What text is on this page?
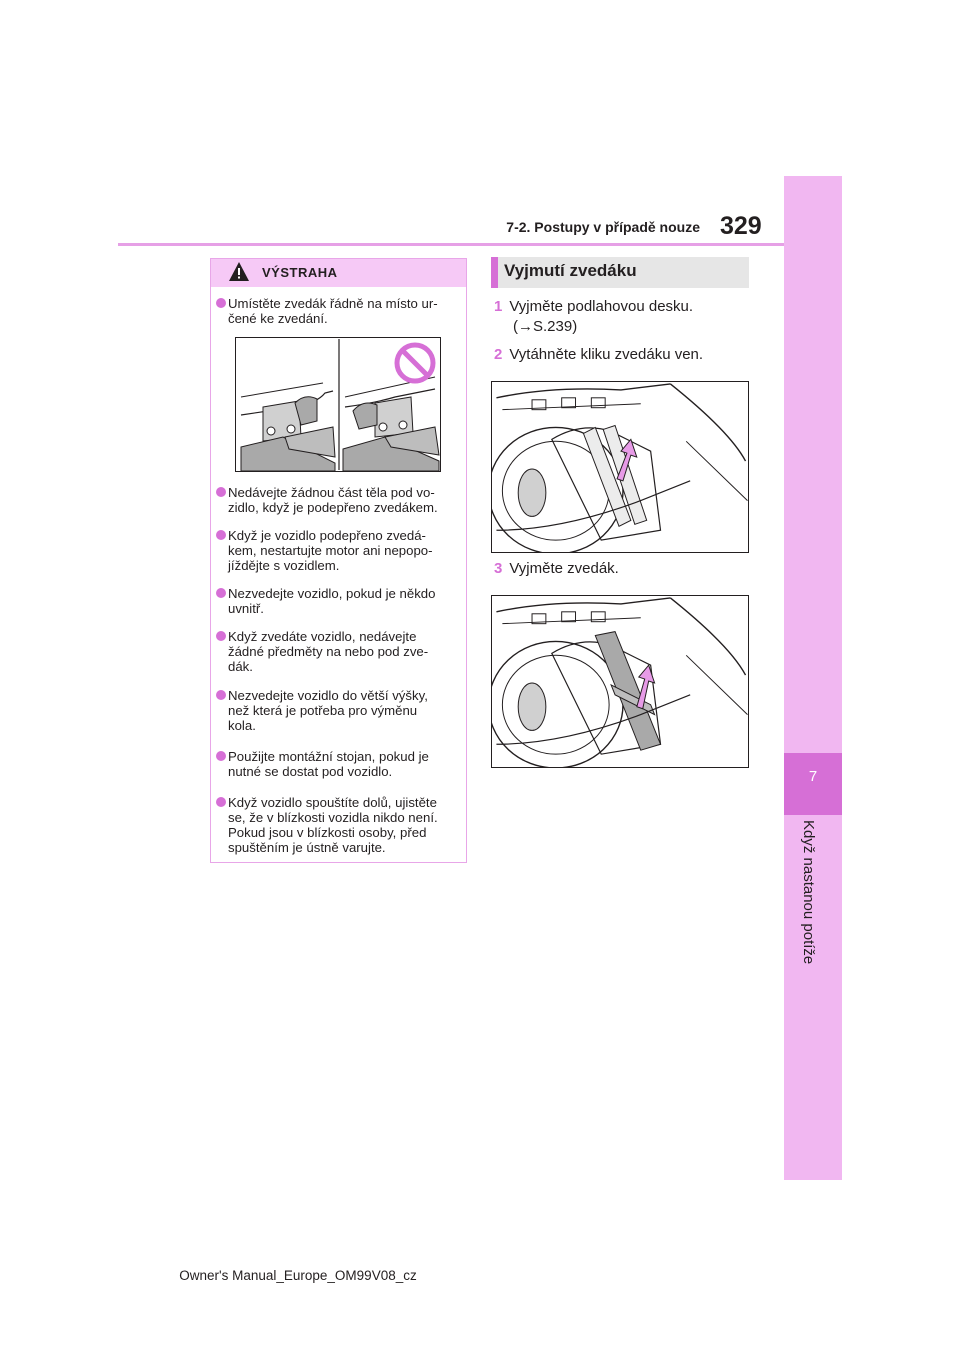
7
Když nastanou potíže
7-2. Postupy v případě nouze 329
VÝSTRAHA
Umístěte zvedák řádně na místo ur-
čené ke zvedání.
Nedávejte žádnou část těla pod vo-
zidlo, když je podepřeno zvedákem.
Když je vozidlo podepřeno zvedá-
kem, nestartujte motor ani nepopo-
jíždějte s vozidlem.
Nezvedejte vozidlo, pokud je někdo
uvnitř.
Když zvedáte vozidlo, nedávejte
žádné předměty na nebo pod zve-
dák.
Nezvedejte vozidlo do větší výšky,
než která je potřeba pro výměnu
kola.
Použijte montážní stojan, pokud je
nutné se dostat pod vozidlo.
Když vozidlo spouštíte dolů, ujistěte
se, že v blízkosti vozidla nikdo není.
Pokud jsou v blízkosti osoby, před
spuštěním je ústně varujte.
Vyjmutí zvedáku
1 Vyjměte podlahovou desku.
(→S.239)
2 Vytáhněte kliku zvedáku ven.
3 Vyjměte zvedák.
Owner's Manual_Europe_OM99V08_cz
